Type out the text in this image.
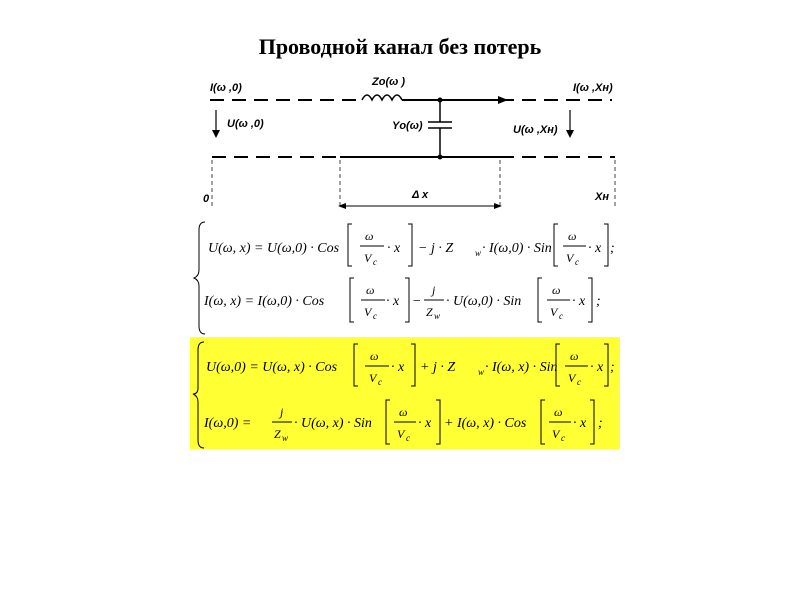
Проводной канал без потерь
I(ω ,0)
U(ω ,0)
Zо(ω )
Yо(ω)
I(ω ,Xн)
U(ω ,Xн)
0	Xн
Δ x
U(ω, x) = U(ω,0) · Cos
ω
V c
· x − j · Z w · I(ω,0) · Sin
ω
V c
· x ;
I(ω, x) = I(ω,0) · Cos
ω
V c
· x −
j
Z w
· U(ω,0) · Sin
ω
V c
· x ;
U(ω,0) = U(ω, x) · Cos
ω
V c
· x + j · Z	w · I(ω, x) · Sin
ω
V c
· x ;
I(ω,0) =
j
Z w
· U(ω, x) · Sin
ω
V c
· x + I(ω, x) · Cos
ω
V c
· x ;
